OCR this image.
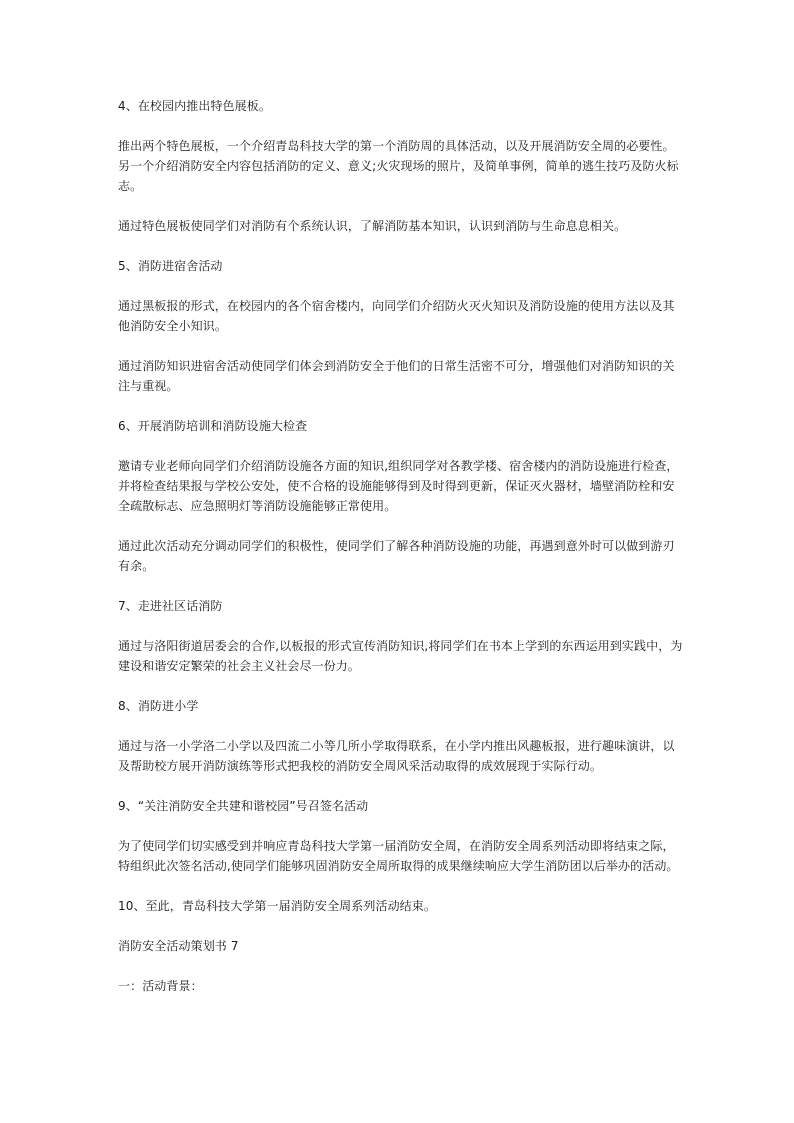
4、在校园内推出特色展板。

推出两个特色展板，一个介绍青岛科技大学的第一个消防周的具体活动，以及开展消防安全周的必要性。另一个介绍消防安全内容包括消防的定义、意义;火灾现场的照片，及简单事例，简单的逃生技巧及防火标志。

通过特色展板使同学们对消防有个系统认识，了解消防基本知识，认识到消防与生命息息相关。

5、消防进宿舍活动

通过黑板报的形式，在校园内的各个宿舍楼内，向同学们介绍防火灭火知识及消防设施的使用方法以及其他消防安全小知识。

通过消防知识进宿舍活动使同学们体会到消防安全于他们的日常生活密不可分，增强他们对消防知识的关注与重视。

6、开展消防培训和消防设施大检查

邀请专业老师向同学们介绍消防设施各方面的知识,组织同学对各教学楼、宿舍楼内的消防设施进行检查，并将检查结果报与学校公安处，使不合格的设施能够得到及时得到更新，保证灭火器材，墙壁消防栓和安全疏散标志、应急照明灯等消防设施能够正常使用。

通过此次活动充分调动同学们的积极性，使同学们了解各种消防设施的功能，再遇到意外时可以做到游刃有余。

7、走进社区话消防

通过与洛阳街道居委会的合作,以板报的形式宣传消防知识,将同学们在书本上学到的东西运用到实践中，为建设和谐安定繁荣的社会主义社会尽一份力。

8、消防进小学

通过与洛一小学洛二小学以及四流二小等几所小学取得联系，在小学内推出风趣板报，进行趣味演讲，以及帮助校方展开消防演练等形式把我校的消防安全周风采活动取得的成效展现于实际行动。

9、“关注消防安全共建和谐校园”号召签名活动

为了使同学们切实感受到并响应青岛科技大学第一届消防安全周，在消防安全周系列活动即将结束之际，特组织此次签名活动,使同学们能够巩固消防安全周所取得的成果继续响应大学生消防团以后举办的活动。

10、至此，青岛科技大学第一届消防安全周系列活动结束。

消防安全活动策划书 7

一：活动背景：
